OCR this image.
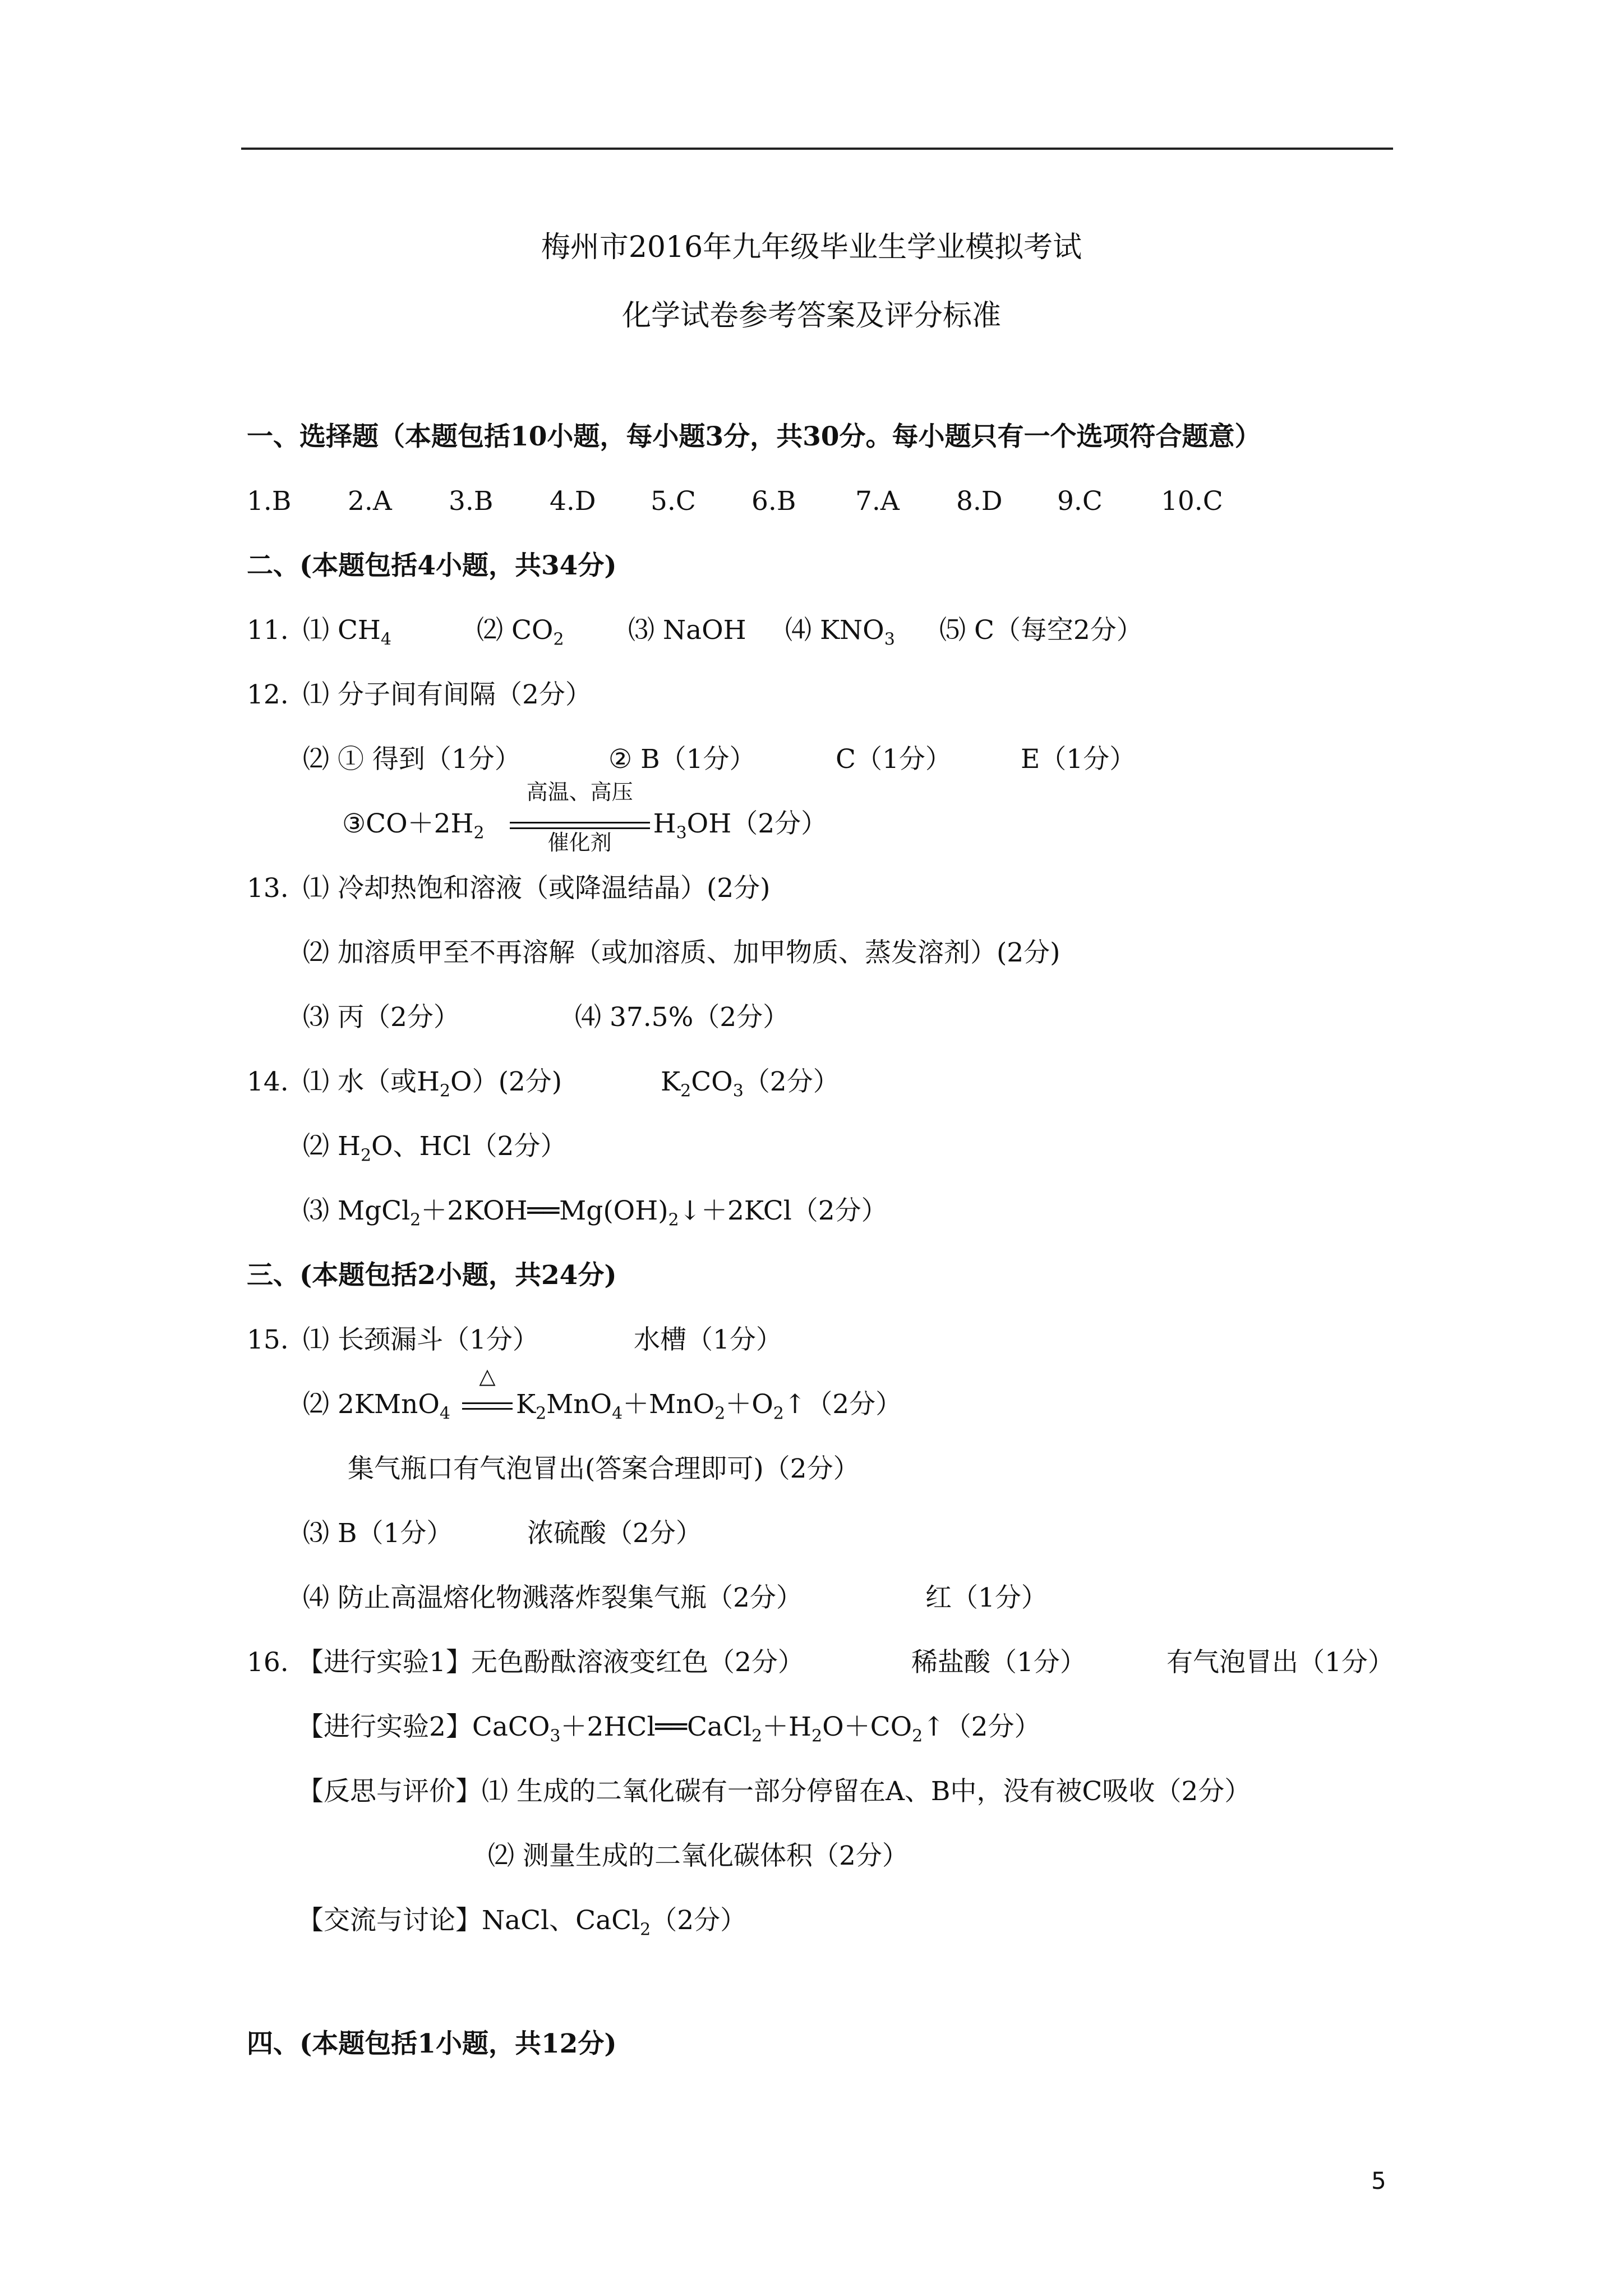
梅州市2016年九年级毕业生学业模拟考试
化学试卷参考答案及评分标准
一、选择题（本题包括10小题，每小题3分，共30分。每小题只有一个选项符合题意）
1.B 2.A 3.B 4.D 5.C 6.B 7.A 8.D 9.C 10.C
二、(本题包括4小题，共34分)
11. ⑴ $CH_4$	⑵ $CO_2$ ⑶ NaOH ⑷ $KNO_3$ ⑸ C（每空2分）
12. ⑴ 分子间有间隔（2分）
⑵ ① 得到（1分）	② B（1分）	C（1分）	E（1分）
$③CO+2H_2$
高温、高压
催化剂
$H_3OH(2$分）
13. ⑴ 冷却热饱和溶液（或降温结晶）(2分)
⑵ 加溶质甲至不再溶解（或加溶质、加甲物质、蒸发溶剂）(2分)
⑶ 丙（2分）	⑷ 37.5%（2分）
14. ⑴ 水（或$H_2O)(2$分)	$K_2CO_3(2$分）
⑵ $H_2O$、HCl（2分）
⑶ $MgCl_2+2KOH══Mg(OH)_2↓+2KCl(2$分）
三、(本题包括2小题，共24分)
15. ⑴ 长颈漏斗（1分）	水槽（1分）
⑵ 2KMnO$_4$
△
$K_2MnO_4+MnO_2+O_2↑(2$分）
集气瓶口有气泡冒出(答案合理即可)（2分）
⑶ B（1分）	浓硫酸（2分）
⑷ 防止高温熔化物溅落炸裂集气瓶（2分）	红（1分）
16. 【进行实验1】
无色酚酞溶液变红色（2分）	稀盐酸（1分）	有气泡冒出（1分）
【进行实验2】$CaCO_3+2HCl══CaCl_2+H_2O+CO_2↑(2$分）
【反思与评价】⑴ 生成的二氧化碳有一部分停留在A、B中，没有被C吸收（2分）
⑵ 测量生成的二氧化碳体积（2分）
【交流与讨论】NaCl、CaCl$_2$（2分）
四、(本题包括1小题，共12分)
5
